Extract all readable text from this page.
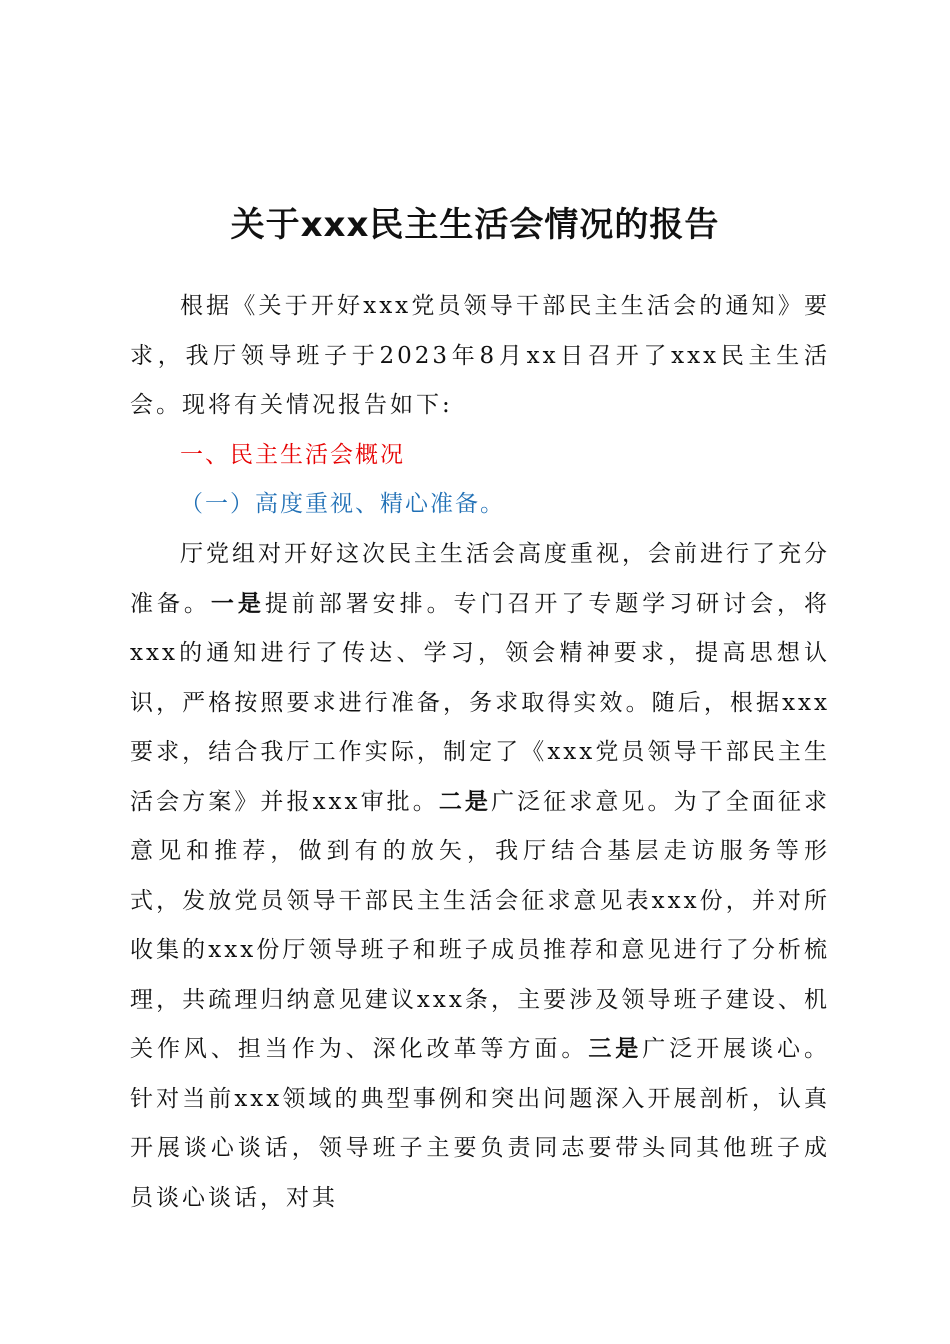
关于xxx民主生活会情况的报告

根据《关于开好xxx党员领导干部民主生活会的通知》要求，我厅领导班子于2023年8月xx日召开了xxx民主生活会。现将有关情况报告如下:

一、民主生活会概况
（一）高度重视、精心准备。

厅党组对开好这次民主生活会高度重视，会前进行了充分准备。一是提前部署安排。专门召开了专题学习研讨会，将xxx的通知进行了传达、学习，领会精神要求，提高思想认识，严格按照要求进行准备，务求取得实效。随后，根据xxx要求，结合我厅工作实际，制定了《xxx党员领导干部民主生活会方案》并报xxx审批。二是广泛征求意见。为了全面征求意见和推荐，做到有的放矢，我厅结合基层走访服务等形式，发放党员领导干部民主生活会征求意见表xxx份，并对所收集的xxx份厅领导班子和班子成员推荐和意见进行了分析梳理，共疏理归纳意见建议xxx条，主要涉及领导班子建设、机关作风、担当作为、深化改革等方面。三是广泛开展谈心。针对当前xxx领域的典型事例和突出问题深入开展剖析，认真开展谈心谈话，领导班子主要负责同志要带头同其他班子成员谈心谈话，对其
